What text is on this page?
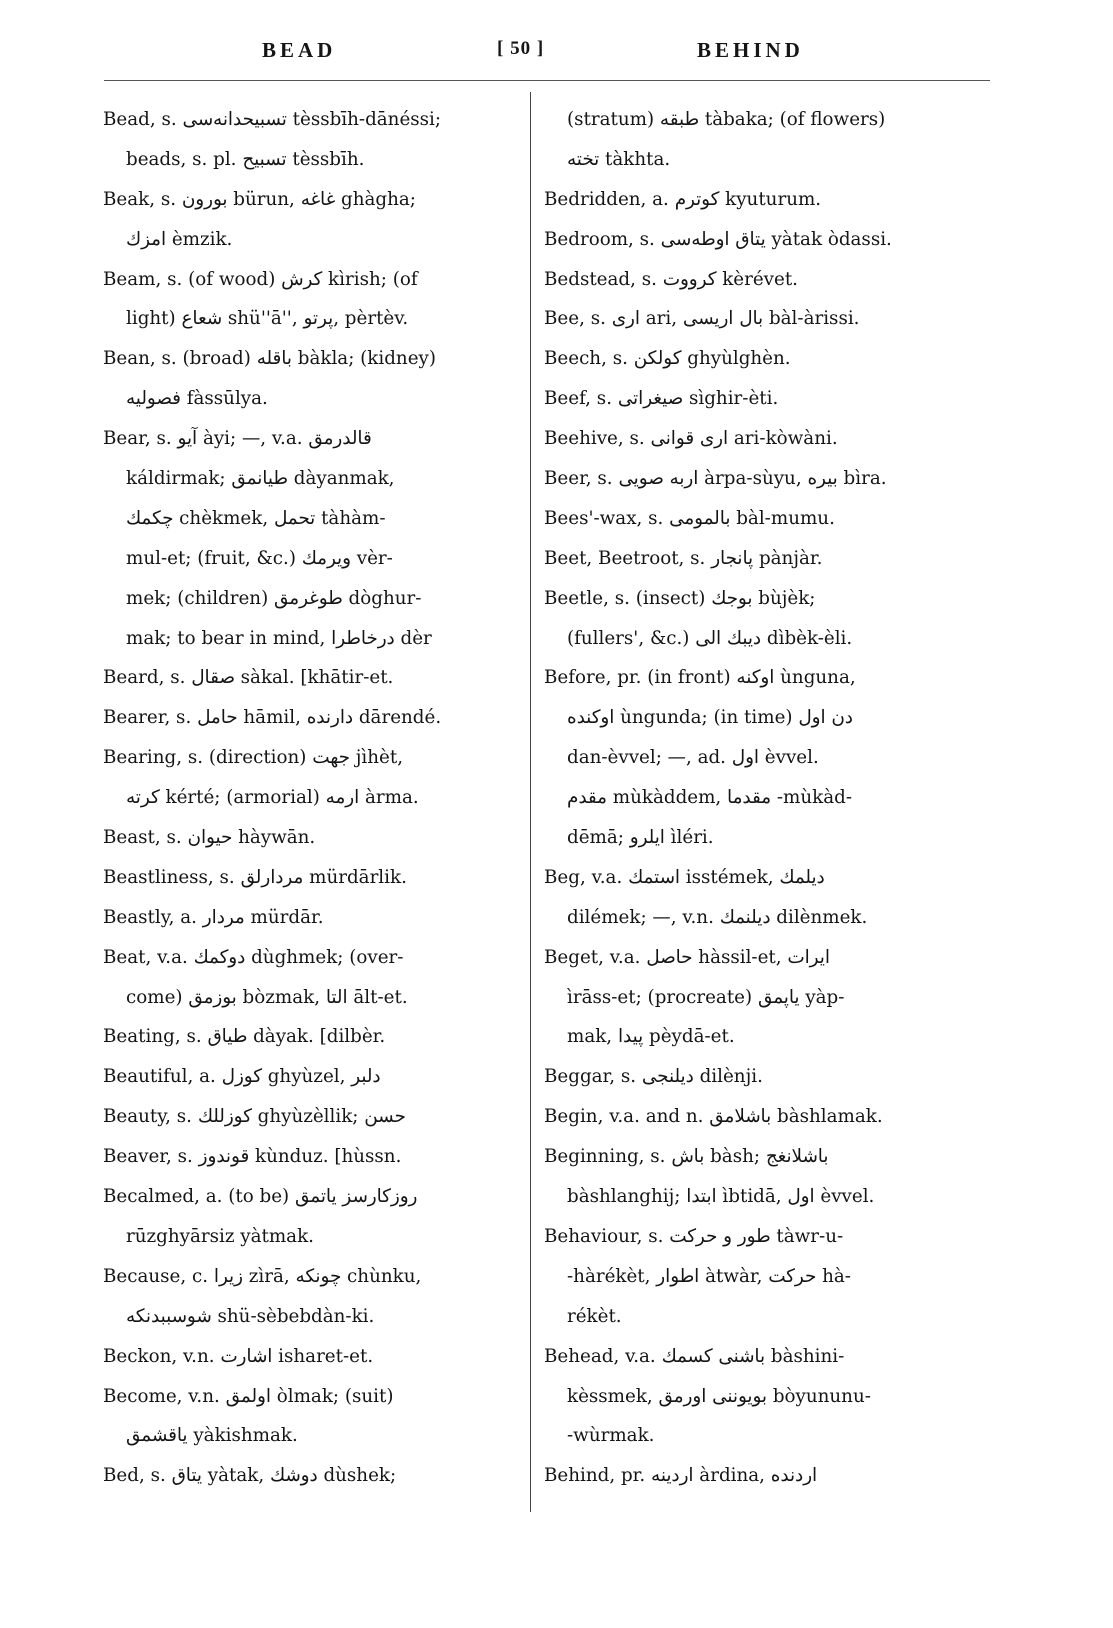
BEAD	[ 50 ]	BEHIND
Bead, s. تسبیحدانه‌سی tèssbīh-dānéssi;
beads, s. pl. تسبیح tèssbīh.
Beak, s. بورون bürun, غاغه ghàgha;
امزك èmzik.
Beam, s. (of wood) کرش kìrish; (of
light) شعاع shü''ā'', پرتو, pèrtèv.
Bean, s. (broad) باقله bàkla; (kidney)
فصولیه fàssūlya.
Bear, s. آیو àyi; —, v.a. قالدرمق
káldirmak; طیانمق dàyanmak,
چکمك chèkmek, تحمل tàhàm-
mul-et; (fruit, &c.) ویرمك vèr-
mek; (children) طوغرمق dòghur-
mak; to bear in mind, درخاطرا dèr
Beard, s. صقال sàkal. [khātir-et.
Bearer, s. حامل hāmil, دارنده dārendé.
Bearing, s. (direction) جهت jìhèt,
کرته kérté; (armorial) ارمه àrma.
Beast, s. حیوان hàywān.
Beastliness, s. مردارلق mürdārlik.
Beastly, a. مردار mürdār.
Beat, v.a. دوکمك dùghmek; (over-
come) بوزمق bòzmak, التا ālt-et.
Beating, s. طیاق dàyak. [dilbèr.
Beautiful, a. کوزل ghyùzel, دلبر
Beauty, s. کوزللك ghyùzèllik; حسن
Beaver, s. قوندوز kùnduz. [hùssn.
Becalmed, a. (to be) روزکارسز یاتمق
rūzghyārsiz yàtmak.
Because, c. زیرا zìrā, چونکه chùnku,
شوسببدنکه shü-sèbebdàn-ki.
Beckon, v.n. اشارت isharet-et.
Become, v.n. اولمق òlmak; (suit)
یاقشمق yàkishmak.
Bed, s. یتاق yàtak, دوشك dùshek;
(stratum) طبقه tàbaka; (of flowers)
تخته tàkhta.
Bedridden, a. کوترم kyuturum.
Bedroom, s. یتاق اوطه‌سی yàtak òdassi.
Bedstead, s. کرووت kèrévet.
Bee, s. ارى ari, بال اریسی bàl-àrissi.
Beech, s. کولکن ghyùlghèn.
Beef, s. صیغراتی sìghir-èti.
Beehive, s. ارى قوانی ari-kòwàni.
Beer, s. اربه صویی àrpa-sùyu, بیره bìra.
Bees'-wax, s. بالمومی bàl-mumu.
Beet, Beetroot, s. پانجار pànjàr.
Beetle, s. (insect) بوجك bùjèk;
(fullers', &c.) دیبك الی dìbèk-èli.
Before, pr. (in front) اوکنه ùnguna,
اوکنده ùngunda; (in time) دن اول
dan-èvvel; —, ad. اول èvvel.
مقدم mùkàddem, مقدما -mùkàd-
dēmā; ایلرو ìléri.
Beg, v.a. استمك isstémek, دیلمك
dilémek; —, v.n. دیلنمك dilènmek.
Beget, v.a. حاصل hàssil-et, ایرات
ìrāss-et; (procreate) یاپمق yàp-
mak, پیدا pèydā-et.
Beggar, s. دیلنجی dilènji.
Begin, v.a. and n. باشلامق bàshlamak.
Beginning, s. باش bàsh; باشلانغج
bàshlanghij; ابتدا ìbtidā, اول èvvel.
Behaviour, s. طور و حرکت tàwr-u-
-hàrékèt, اطوار àtwàr, حرکت hà-
rékèt.
Behead, v.a. باشنی کسمك bàshini-
kèssmek, بویوننی اورمق bòyununu-
-wùrmak.
Behind, pr. اردینه àrdina, اردنده
